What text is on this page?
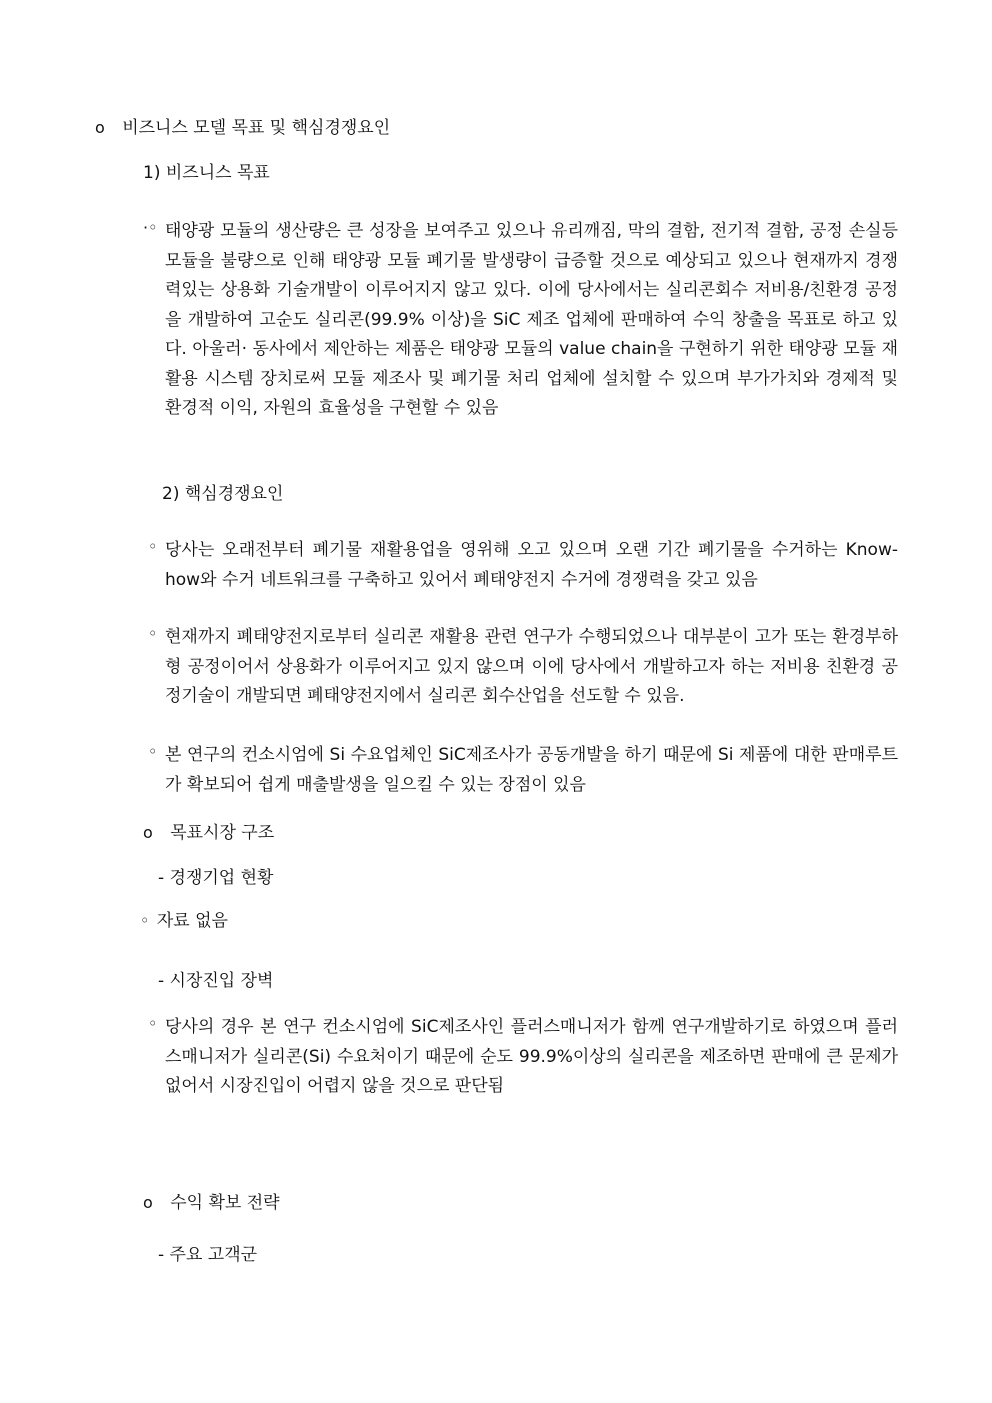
o 비즈니스 모델 목표 및 핵심경쟁요인
1) 비즈니스 목표
·◦ 태양광 모듈의 생산량은 큰 성장을 보여주고 있으나 유리깨짐, 막의 결함, 전기적 결함, 공정 손실등 모듈을 불량으로 인해 태양광 모듈 폐기물 발생량이 급증할 것으로 예상되고 있으나 현재까지 경쟁력있는 상용화 기술개발이 이루어지지 않고 있다. 이에 당사에서는 실리콘회수 저비용/친환경 공정을 개발하여 고순도 실리콘(99.9% 이상)을 SiC 제조 업체에 판매하여 수익 창출을 목표로 하고 있다. 아울러· 동사에서 제안하는 제품은 태양광 모듈의 value chain을 구현하기 위한 태양광 모듈 재활용 시스템 장치로써 모듈 제조사 및 폐기물 처리 업체에 설치할 수 있으며 부가가치와 경제적 및 환경적 이익, 자원의 효율성을 구현할 수 있음
2) 핵심경쟁요인
◦ 당사는 오래전부터 폐기물 재활용업을 영위해 오고 있으며 오랜 기간 폐기물을 수거하는 Know-how와 수거 네트워크를 구축하고 있어서 폐태양전지 수거에 경쟁력을 갖고 있음
◦ 현재까지 폐태양전지로부터 실리콘 재활용 관련 연구가 수행되었으나 대부분이 고가 또는 환경부하형 공정이어서 상용화가 이루어지고 있지 않으며 이에 당사에서 개발하고자 하는 저비용 친환경 공정기술이 개발되면 폐태양전지에서 실리콘 회수산업을 선도할 수 있음.
◦ 본 연구의 컨소시엄에 Si 수요업체인 SiC제조사가 공동개발을 하기 때문에 Si 제품에 대한 판매루트가 확보되어 쉽게 매출발생을 일으킬 수 있는 장점이 있음
o 목표시장 구조
- 경쟁기업 현황
◦ 자료 없음
- 시장진입 장벽
◦ 당사의 경우 본 연구 컨소시엄에 SiC제조사인 플러스매니저가 함께 연구개발하기로 하였으며 플러스매니저가 실리콘(Si) 수요처이기 때문에 순도 99.9%이상의 실리콘을 제조하면 판매에 큰 문제가 없어서 시장진입이 어렵지 않을 것으로 판단됨
o 수익 확보 전략
- 주요 고객군
